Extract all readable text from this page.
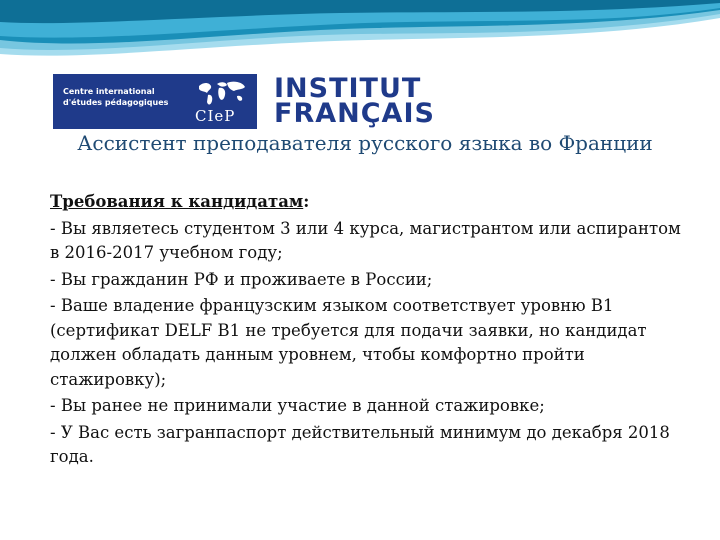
Centre international
d'études pédagogiques
CIeP
INSTITUT
FRANÇAIS
Ассистент преподавателя русского языка во Франции
Требования к кандидатам:
- Вы являетесь студентом 3 или 4 курса, магистрантом или аспирантом в 2016-2017 учебном году;
- Вы гражданин РФ и проживаете в России;
- Ваше владение французским языком соответствует уровню B1 (сертификат DELF B1 не требуется для подачи заявки, но кандидат должен обладать данным уровнем, чтобы комфортно пройти стажировку);
- Вы ранее не принимали участие в данной стажировке;
- У Вас есть загранпаспорт действительный минимум до декабря 2018 года.
